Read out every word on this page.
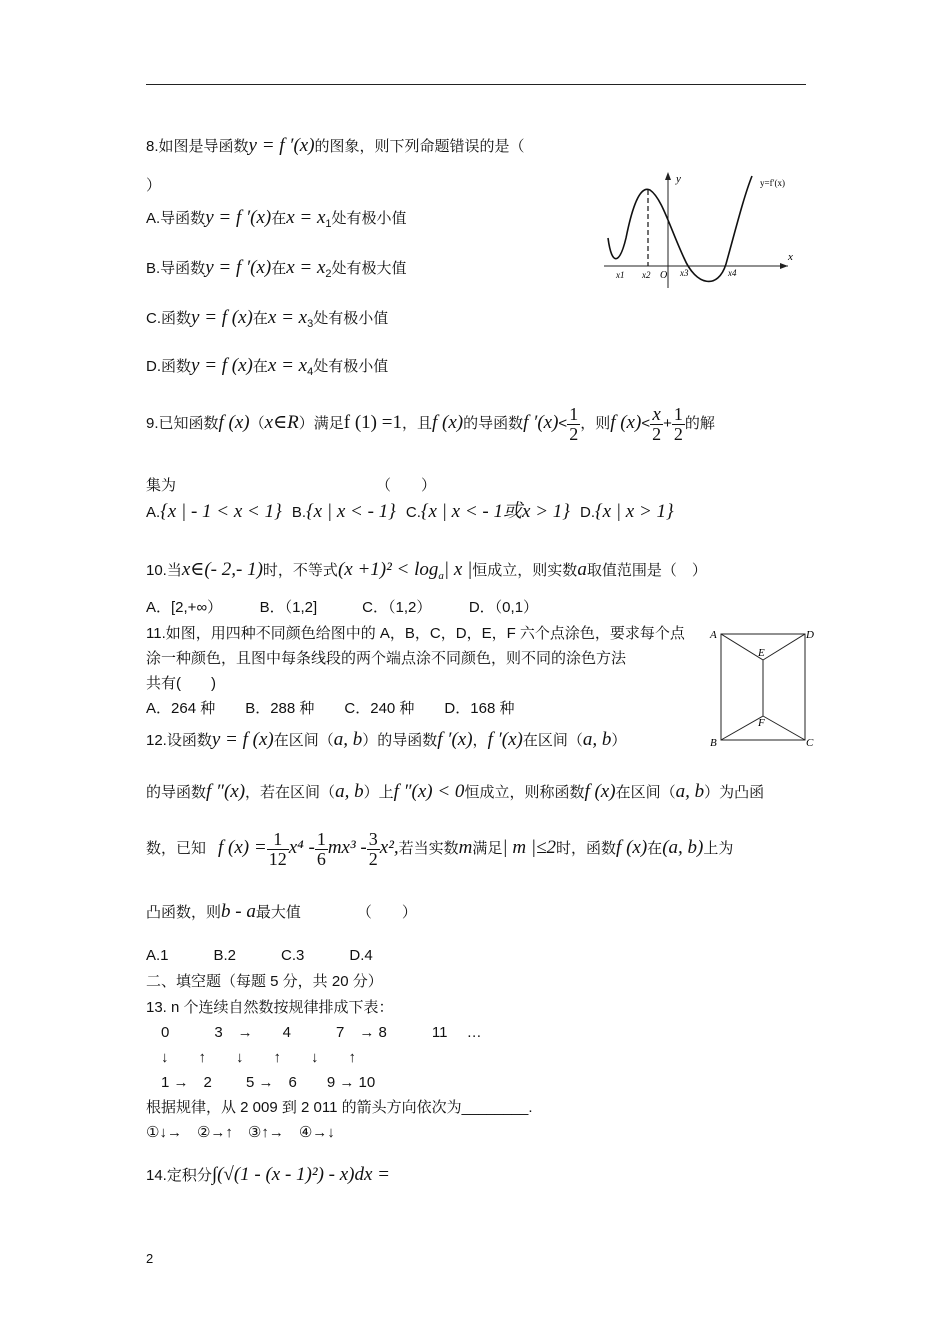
8.如图是导函数y = f ′(x)的图象，则下列命题错误的是（
）
A.导函数y = f ′(x)在$x = x_1$处有极小值
B.导函数y = f ′(x)在$x = x_2$处有极大值
C.函数y = f (x)在$x = x_3$处有极小值
D.函数y = f (x)在$x = x_4$处有极小值
y
x
y=f′(x)
O
x1 x2	x3	x4
9.已知函数f (x)（x∈R）满足f (1) =1，且f (x)的导函数f $'(x)< \frac{1}{2}$ ，则f $(x)< \frac{x}{2} + \frac{1}{2}$ 的解
集为	（　　）
A.{x | - 1 < x < 1} B.{x | x < - 1} C.{x | x < - 1或x > 1} D.{x | x > 1}
10.当x∈(- 2,- 1)时，不等式$(x +1)^2 < \log_a|$ x |恒成立，则实数a取值范围是（　）
A．[2,+∞）　　　B．（1,2]　　　C．（1,2）　　　D．（0,1）
11.如图，用四种不同颜色给图中的 A，B，C，D，E，F 六个点涂色，要求每个点
涂一种颜色，且图中每条线段的两个端点涂不同颜色，则不同的涂色方法
共有(　　)
A．264 种　　B．288 种　　C．240 种　　D．168 种
A	D
E
F
B	C
12.设函数y = f (x)在区间（a, b）的导函数f ′(x)，f ′(x)在区间（a, b）
的导函数f ″(x)，若在区间（a, b）上f ″(x) < 0恒成立，则称函数f (x)在区间（a, b）为凸函
数，已知 f $(x) = \frac{1}{12} x^4 - \frac{1}{6} mx^3 - \frac{3}{2} x^2$,若当实数m满足| m |≤2时，函数f (x)在(a, b)上为
凸函数，则b - a最大值	（　　）
A.1　　　B.2　　　C.3　　　D.4
二、填空题（每题 5 分，共 20 分）
13. n 个连续自然数按规律排成下表：
　0　　　3　→　　4　　　7　→ 8　　　11　 …
　↓　　↑　　↓　　↑　　↓　　↑
　1 →　2　　 5 →　6　　9 → 10
根据规律，从 2 009 到 2 011 的箭头方向依次为________.
①↓→　②→↑　③↑→　④→↓
14.定积分∫(√(1 - (x - 1)²) - x)dx =
2
